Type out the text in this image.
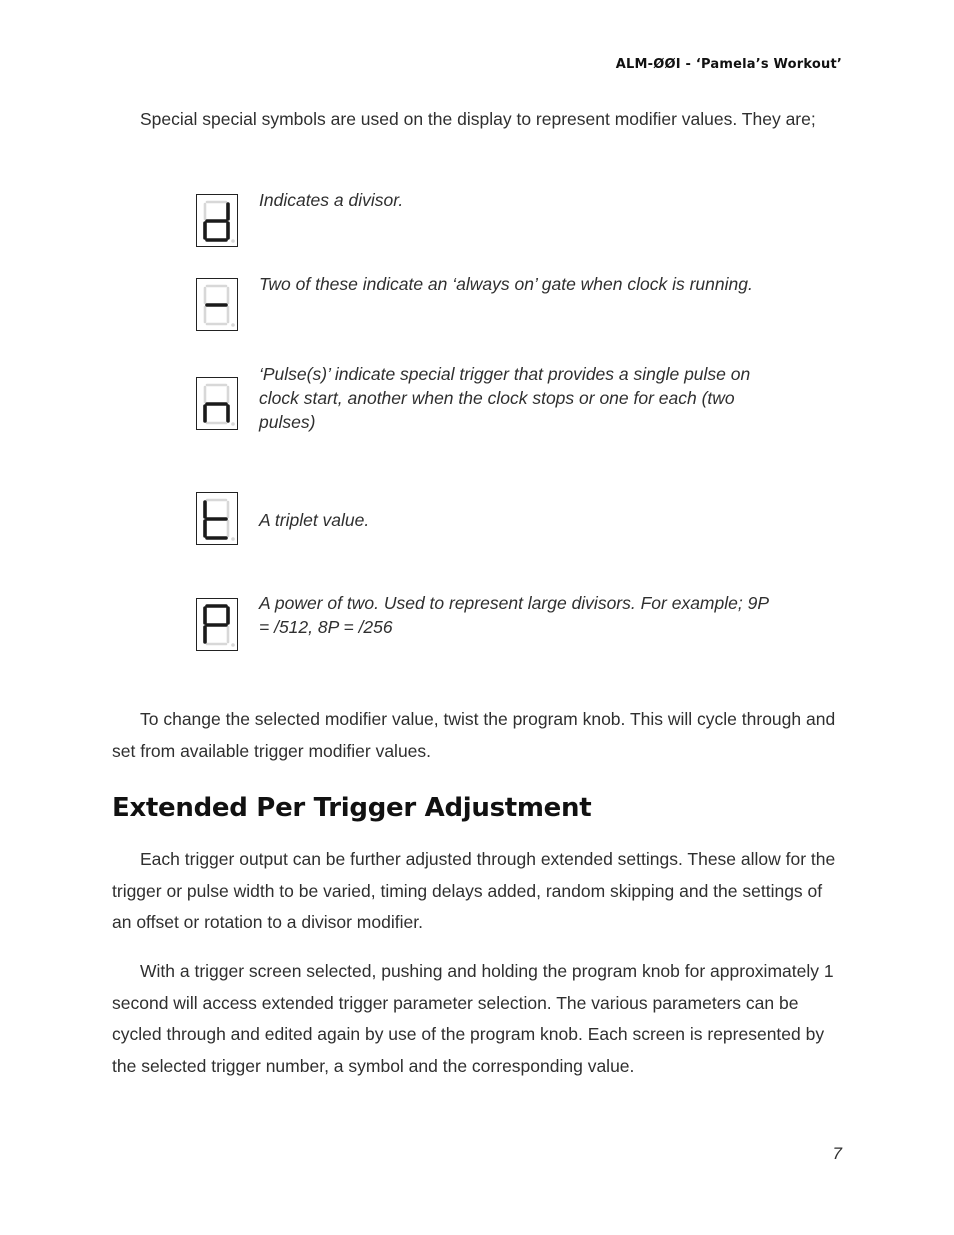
ALM-ØØI - ‘Pamela’s Workout’

Special special symbols are used on the display to represent modifier values. They are;

Indicates a divisor.
Two of these indicate an ‘always on’ gate when clock is running.
‘Pulse(s)’ indicate special trigger that provides a single pulse on clock start, another when the clock stops or one for each (two pulses)
A triplet value.
A power of two. Used to represent large divisors. For example; 9P = /512, 8P = /256

To change the selected modifier value, twist the program knob. This will cycle through and set from available trigger modifier values.

Extended Per Trigger Adjustment

Each trigger output can be further adjusted through extended settings. These allow for the trigger or pulse width to be varied, timing delays added, random skipping and the settings of an offset or rotation to a divisor modifier.

With a trigger screen selected, pushing and holding the program knob for approximately 1 second will access extended trigger parameter selection. The various parameters can be cycled through and edited again by use of the program knob. Each screen is represented by the selected trigger number, a symbol and the corresponding value.

7
